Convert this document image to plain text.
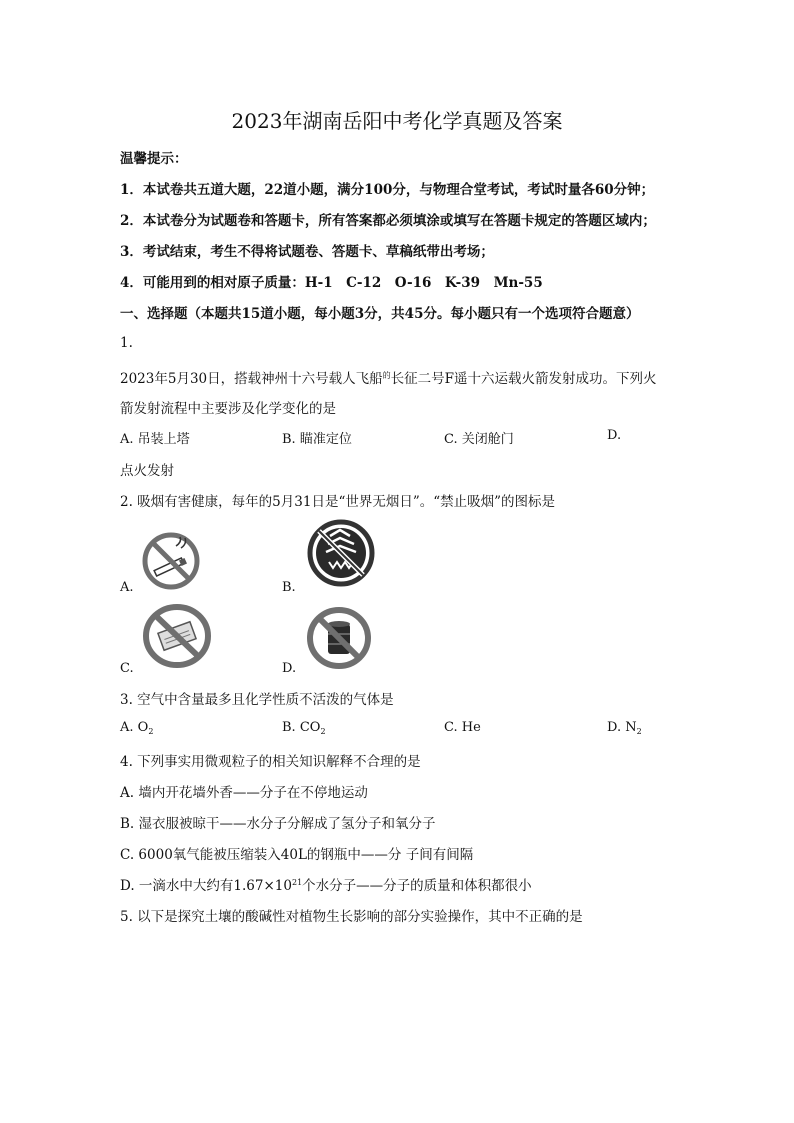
2023年湖南岳阳中考化学真题及答案
温馨提示：
1．本试卷共五道大题，22道小题，满分100分，与物理合堂考试，考试时量各60分钟；
2．本试卷分为试题卷和答题卡，所有答案都必须填涂或填写在答题卡规定的答题区域内；
3．考试结束，考生不得将试题卷、答题卡、草稿纸带出考场；
4．可能用到的相对原子质量：H-1　C-12　O-16　K-39　Mn-55
一、选择题（本题共15道小题，每小题3分，共45分。每小题只有一个选项符合题意）
1.
2023年5月30日，搭载神州十六号载人飞船$^的$长征二号F遥十六运载火箭发射成功。下列火
箭发射流程中主要涉及化学变化的是
A. 吊装上塔	B. 瞄准定位	C. 关闭舱门	D.
点火发射
2. 吸烟有害健康，每年的5月31日是“世界无烟日”。“禁止吸烟”的图标是
A.	B.
C.	D.
3. 空气中含量最多且化学性质不活泼的气体是
A. $O_2$	B. $CO_2$	C. He	D. $N_2$
4. 下列事实用微观粒子的相关知识解释不合理的是
A. 墙内开花墙外香——分子在不停地运动
B. 湿衣服被晾干——水分子分解成了氢分子和氧分子
C. 6000氧气能被压缩装入40L的钢瓶中——分 子间有间隔
D. 一滴水中大约有$1.67\times 10^{21}$个水分子——分子的质量和体积都很小
5. 以下是探究土壤的酸碱性对植物生长影响的部分实验操作，其中不正确的是
